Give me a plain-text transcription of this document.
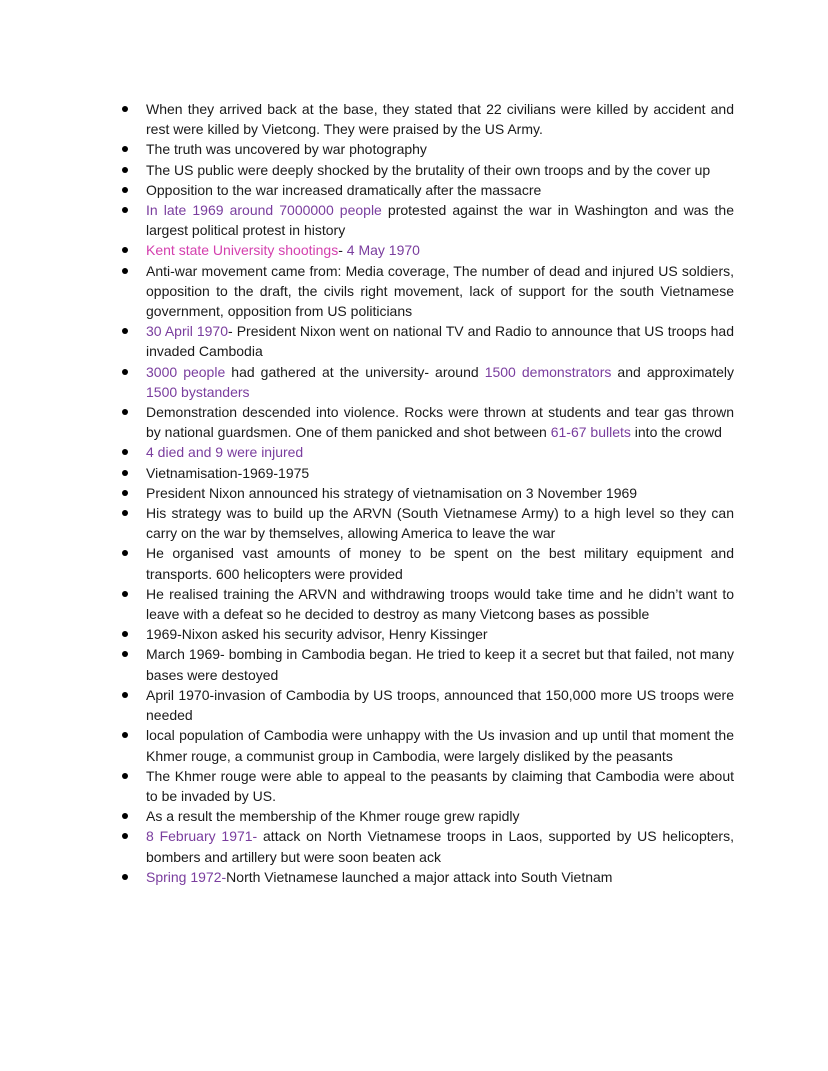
When they arrived back at the base, they stated that 22 civilians were killed by accident and rest were killed by Vietcong. They were praised by the US Army.
The truth was uncovered by war photography
The US public were deeply shocked by the brutality of their own troops and by the cover up
Opposition to the war increased dramatically after the massacre
In late 1969 around 7000000 people protested against the war in Washington and was the largest political protest in history
Kent state University shootings- 4 May 1970
Anti-war movement came from: Media coverage, The number of dead and injured US soldiers, opposition to the draft, the civils right movement, lack of support for the south Vietnamese government, opposition from US politicians
30 April 1970- President Nixon went on national TV and Radio to announce that US troops had invaded Cambodia
3000 people had gathered at the university- around 1500 demonstrators and approximately 1500 bystanders
Demonstration descended into violence. Rocks were thrown at students and tear gas thrown by national guardsmen. One of them panicked and shot between 61-67 bullets into the crowd
4 died and 9 were injured
Vietnamisation-1969-1975
President Nixon announced his strategy of vietnamisation on 3 November 1969
His strategy was to build up the ARVN (South Vietnamese Army) to a high level so they can carry on the war by themselves, allowing America to leave the war
He organised vast amounts of money to be spent on the best military equipment and transports. 600 helicopters were provided
He realised training the ARVN and withdrawing troops would take time and he didn’t want to leave with a defeat so he decided to destroy as many Vietcong bases as possible
1969-Nixon asked his security advisor, Henry Kissinger
March 1969- bombing in Cambodia began. He tried to keep it a secret but that failed, not many bases were destoyed
April 1970-invasion of Cambodia by US troops, announced that 150,000 more US troops were needed
local population of Cambodia were unhappy with the Us invasion and up until that moment the Khmer rouge, a communist group in Cambodia, were largely disliked by the peasants
The Khmer rouge were able to appeal to the peasants by claiming that Cambodia were about to be invaded by US.
As a result the membership of the Khmer rouge grew rapidly
8 February 1971- attack on North Vietnamese troops in Laos, supported by US helicopters, bombers and artillery but were soon beaten ack
Spring 1972-North Vietnamese launched a major attack into South Vietnam
